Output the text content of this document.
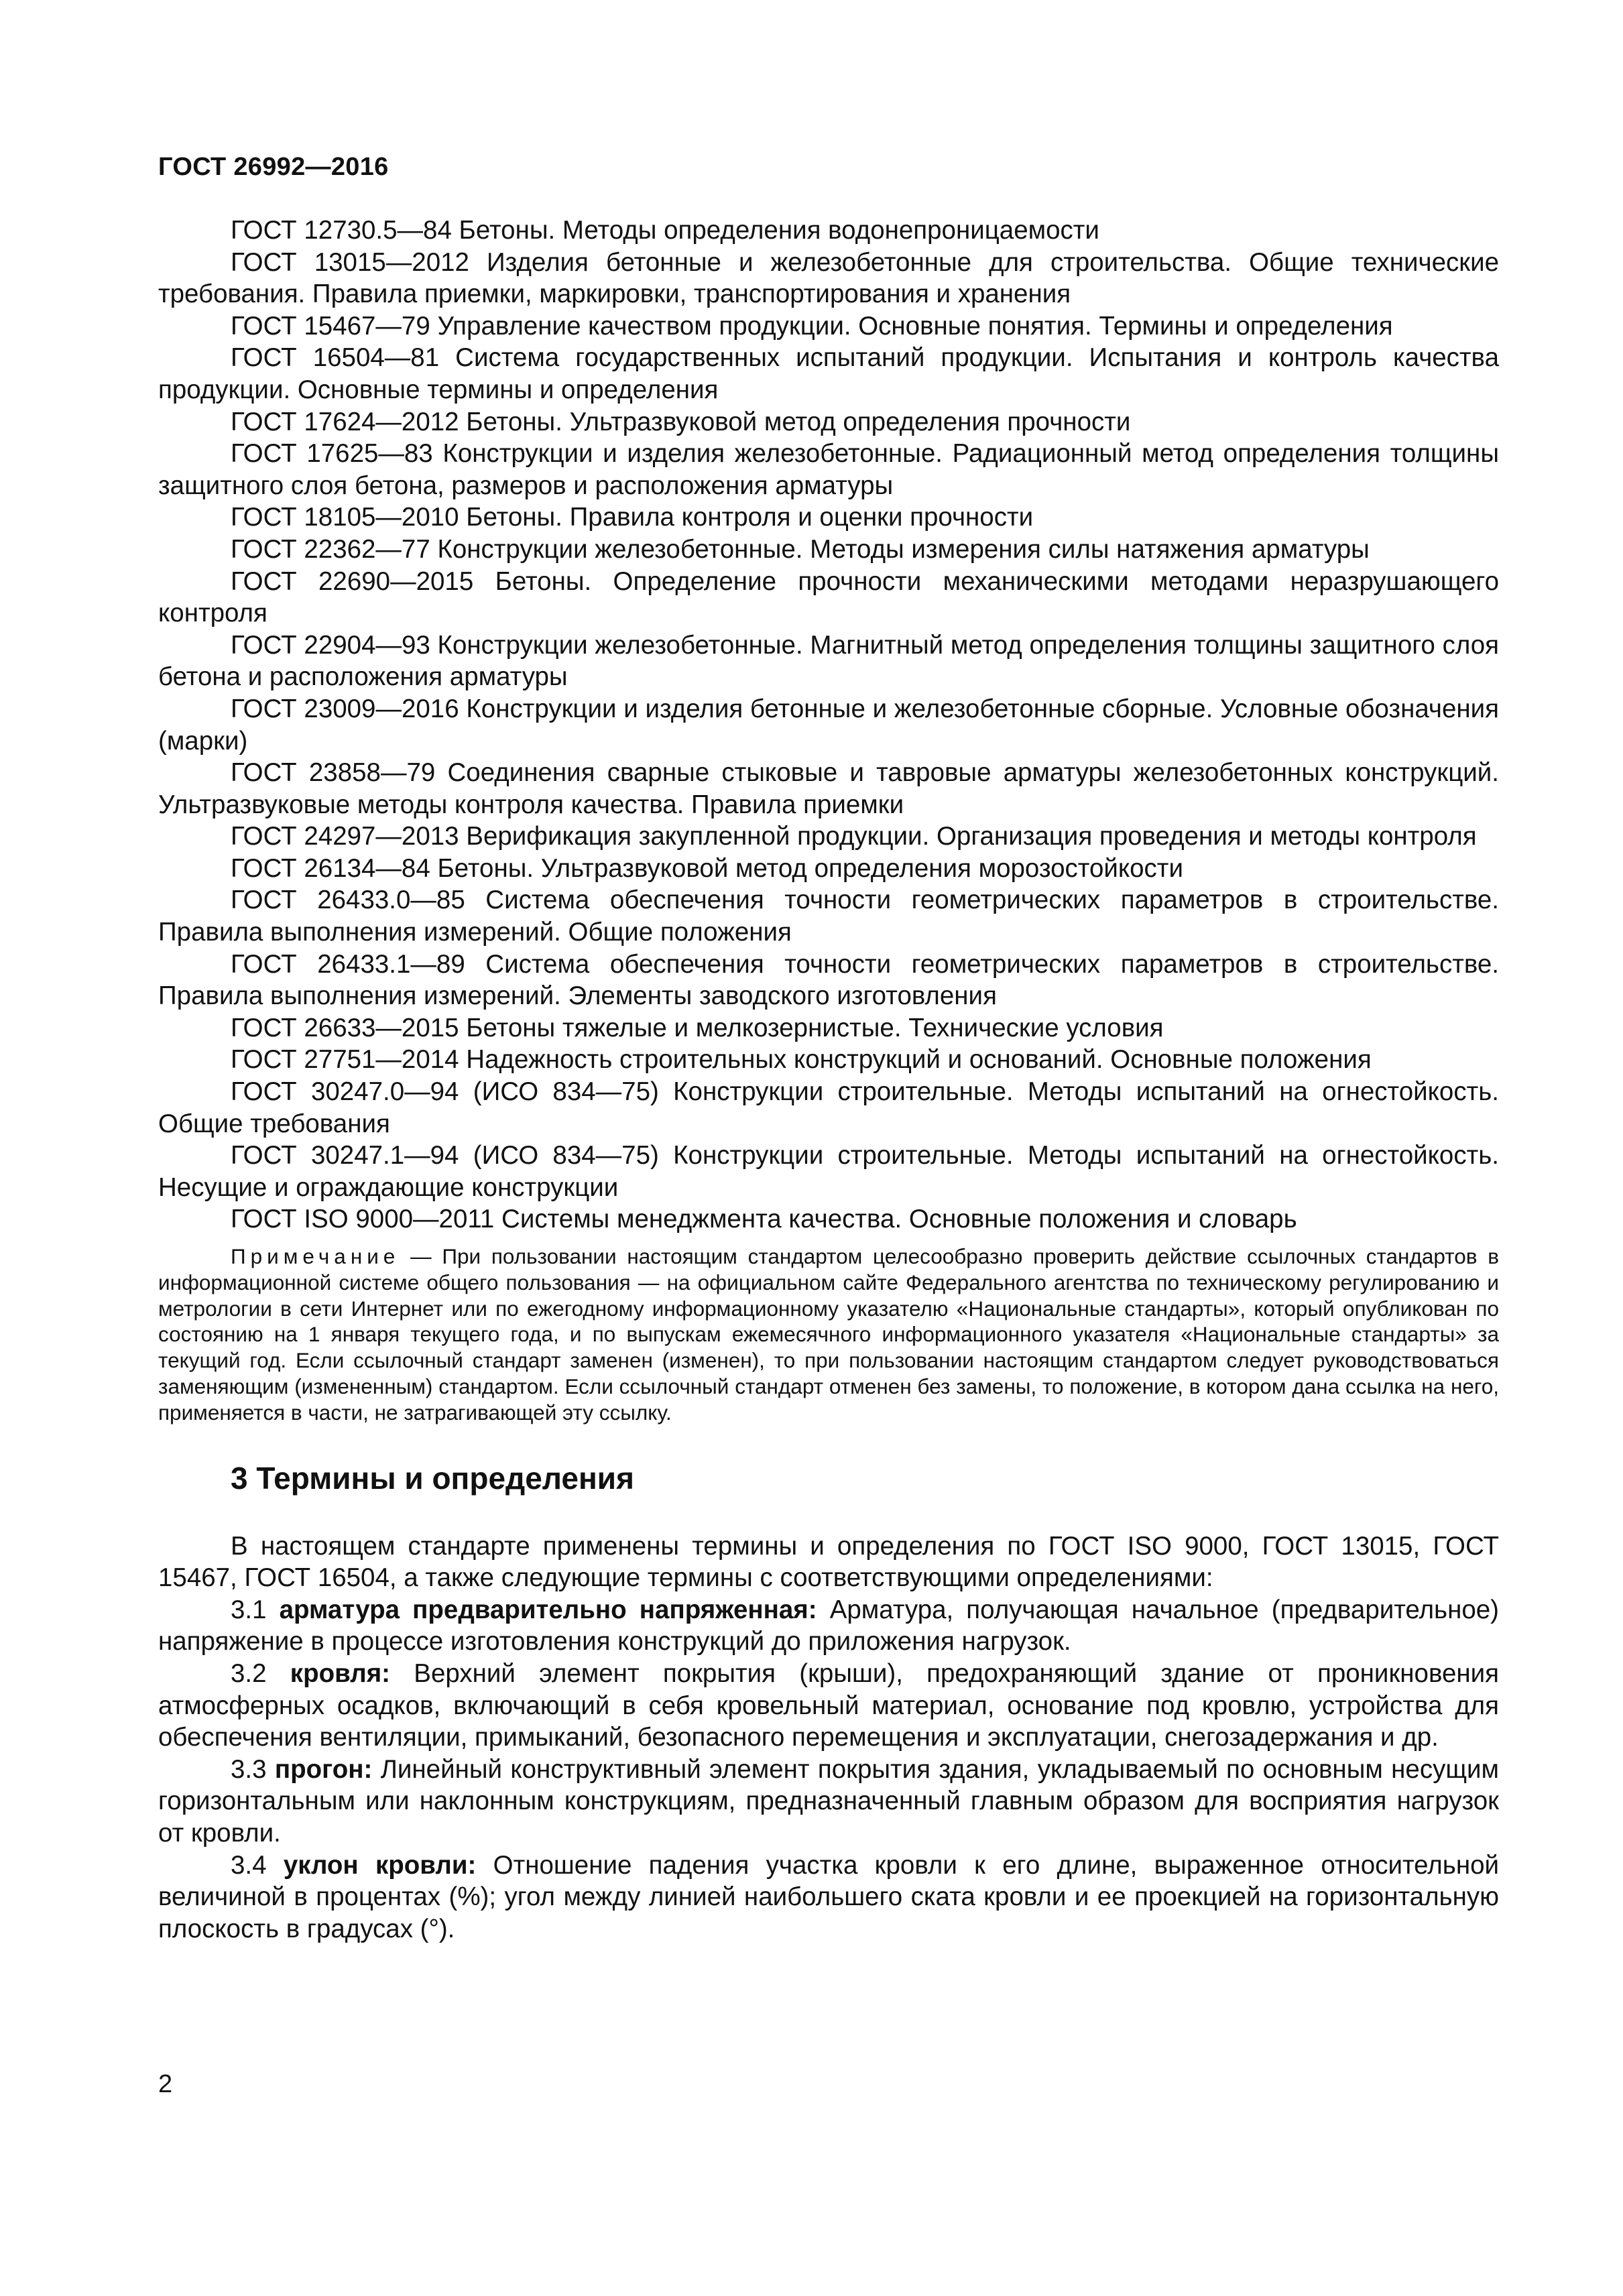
ГОСТ 26992—2016

ГОСТ 12730.5—84 Бетоны. Методы определения водонепроницаемости

ГОСТ 13015—2012 Изделия бетонные и железобетонные для строительства. Общие технические требования. Правила приемки, маркировки, транспортирования и хранения

ГОСТ 15467—79 Управление качеством продукции. Основные понятия. Термины и определения

ГОСТ 16504—81 Система государственных испытаний продукции. Испытания и контроль качества продукции. Основные термины и определения

ГОСТ 17624—2012 Бетоны. Ультразвуковой метод определения прочности

ГОСТ 17625—83 Конструкции и изделия железобетонные. Радиационный метод определения толщины защитного слоя бетона, размеров и расположения арматуры

ГОСТ 18105—2010 Бетоны. Правила контроля и оценки прочности

ГОСТ 22362—77 Конструкции железобетонные. Методы измерения силы натяжения арматуры

ГОСТ 22690—2015 Бетоны. Определение прочности механическими методами неразрушающего контроля

ГОСТ 22904—93 Конструкции железобетонные. Магнитный метод определения толщины защитного слоя бетона и расположения арматуры

ГОСТ 23009—2016 Конструкции и изделия бетонные и железобетонные сборные. Условные обозначения (марки)

ГОСТ 23858—79 Соединения сварные стыковые и тавровые арматуры железобетонных конструкций. Ультразвуковые методы контроля качества. Правила приемки

ГОСТ 24297—2013 Верификация закупленной продукции. Организация проведения и методы контроля

ГОСТ 26134—84 Бетоны. Ультразвуковой метод определения морозостойкости

ГОСТ 26433.0—85 Система обеспечения точности геометрических параметров в строительстве. Правила выполнения измерений. Общие положения

ГОСТ 26433.1—89 Система обеспечения точности геометрических параметров в строительстве. Правила выполнения измерений. Элементы заводского изготовления

ГОСТ 26633—2015 Бетоны тяжелые и мелкозернистые. Технические условия

ГОСТ 27751—2014 Надежность строительных конструкций и оснований. Основные положения

ГОСТ 30247.0—94 (ИСО 834—75) Конструкции строительные. Методы испытаний на огнестойкость. Общие требования

ГОСТ 30247.1—94 (ИСО 834—75) Конструкции строительные. Методы испытаний на огнестойкость. Несущие и ограждающие конструкции

ГОСТ ISO 9000—2011 Системы менеджмента качества. Основные положения и словарь

Примечание — При пользовании настоящим стандартом целесообразно проверить действие ссылочных стандартов в информационной системе общего пользования — на официальном сайте Федерального агентства по техническому регулированию и метрологии в сети Интернет или по ежегодному информационному указателю «Национальные стандарты», который опубликован по состоянию на 1 января текущего года, и по выпускам ежемесячного информационного указателя «Национальные стандарты» за текущий год. Если ссылочный стандарт заменен (изменен), то при пользовании настоящим стандартом следует руководствоваться заменяющим (измененным) стандартом. Если ссылочный стандарт отменен без замены, то положение, в котором дана ссылка на него, применяется в части, не затрагивающей эту ссылку.

3 Термины и определения

В настоящем стандарте применены термины и определения по ГОСТ ISO 9000, ГОСТ 13015, ГОСТ 15467, ГОСТ 16504, а также следующие термины с соответствующими определениями:

3.1 арматура предварительно напряженная: Арматура, получающая начальное (предварительное) напряжение в процессе изготовления конструкций до приложения нагрузок.

3.2 кровля: Верхний элемент покрытия (крыши), предохраняющий здание от проникновения атмосферных осадков, включающий в себя кровельный материал, основание под кровлю, устройства для обеспечения вентиляции, примыканий, безопасного перемещения и эксплуатации, снегозадержания и др.

3.3 прогон: Линейный конструктивный элемент покрытия здания, укладываемый по основным несущим горизонтальным или наклонным конструкциям, предназначенный главным образом для восприятия нагрузок от кровли.

3.4 уклон кровли: Отношение падения участка кровли к его длине, выраженное относительной величиной в процентах (%); угол между линией наибольшего ската кровли и ее проекцией на горизонтальную плоскость в градусах (°).

2
